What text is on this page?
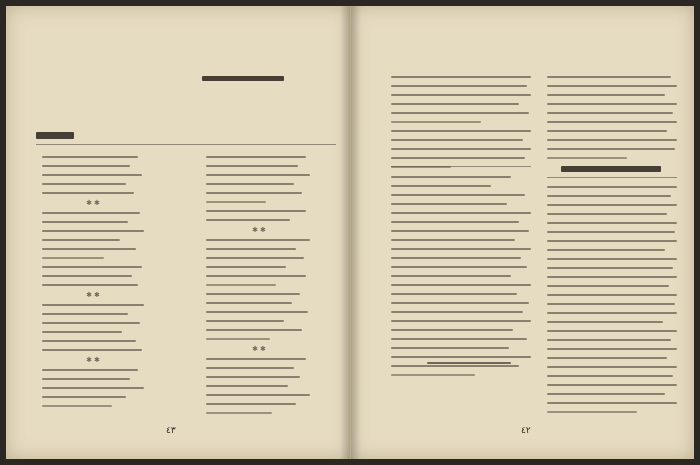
✱✱
✱✱
✱✱
✱✱
✱✱
٤٣	٤٢
